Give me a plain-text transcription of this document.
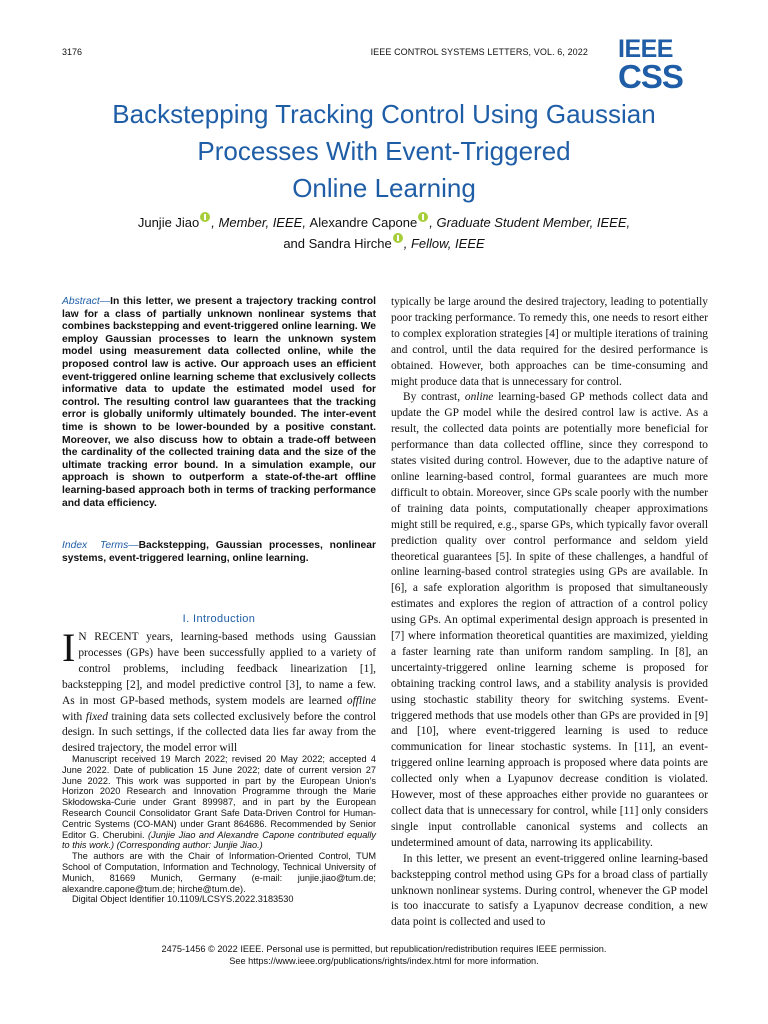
3176	IEEE CONTROL SYSTEMS LETTERS, VOL. 6, 2022 IEEE
CSS
Backstepping Tracking Control Using Gaussian
Processes With Event-Triggered
Online Learning
Junjie Jiao , Member, IEEE, Alexandre Capone , Graduate Student Member, IEEE,
and Sandra Hirche , Fellow, IEEE
Abstract—In this letter, we present a trajectory tracking control law for a class of partially unknown nonlinear systems that combines backstepping and event-triggered online learning. We employ Gaussian processes to learn the unknown system model using measurement data collected online, while the proposed control law is active. Our approach uses an efficient event-triggered online learning scheme that exclusively collects informative data to update the estimated model used for control. The resulting control law guarantees that the tracking error is globally uniformly ultimately bounded. The inter-event time is shown to be lower-bounded by a positive constant. Moreover, we also discuss how to obtain a trade-off between the cardinality of the collected training data and the size of the ultimate tracking error bound. In a simulation example, our approach is shown to outperform a state-of-the-art offline learning-based approach both in terms of tracking performance and data efficiency.
Index Terms—Backstepping, Gaussian processes, nonlinear systems, event-triggered learning, online learning.
I. Introduction

I N RECENT years, learning-based methods using Gaussian processes (GPs) have been successfully applied to a variety of control problems, including feedback linearization [1], backstepping [2], and model predictive control [3], to name a few. As in most GP-based methods, system models are learned offline with fixed training data sets collected exclusively before the control design. In such settings, if the collected data lies far away from the desired trajectory, the model error will

Manuscript received 19 March 2022; revised 20 May 2022; accepted 4 June 2022. Date of publication 15 June 2022; date of current version 27 June 2022. This work was supported in part by the European Union’s Horizon 2020 Research and Innovation Programme through the Marie Skłodowska-Curie under Grant 899987, and in part by the European Research Council Consolidator Grant Safe Data-Driven Control for Human-Centric Systems (CO-MAN) under Grant 864686. Recommended by Senior Editor G. Cherubini. (Junjie Jiao and Alexandre Capone contributed equally to this work.) (Corresponding author: Junjie Jiao.)

The authors are with the Chair of Information-Oriented Control, TUM School of Computation, Information and Technology, Technical University of Munich, 81669 Munich, Germany (e-mail: junjie.jiao@tum.de; alexandre.capone@tum.de; hirche@tum.de).

Digital Object Identifier 10.1109/LCSYS.2022.3183530

typically be large around the desired trajectory, leading to potentially poor tracking performance. To remedy this, one needs to resort either to complex exploration strategies [4] or multiple iterations of training and control, until the data required for the desired performance is obtained. However, both approaches can be time-consuming and might produce data that is unnecessary for control.

By contrast, online learning-based GP methods collect data and update the GP model while the desired control law is active. As a result, the collected data points are potentially more beneficial for performance than data collected offline, since they correspond to states visited during control. However, due to the adaptive nature of online learning-based control, formal guarantees are much more difficult to obtain. Moreover, since GPs scale poorly with the number of training data points, computationally cheaper approximations might still be required, e.g., sparse GPs, which typically favor overall prediction quality over control performance and seldom yield theoretical guarantees [5]. In spite of these challenges, a handful of online learning-based control strategies using GPs are available. In [6], a safe exploration algorithm is proposed that simultaneously estimates and explores the region of attraction of a control policy using GPs. An optimal experimental design approach is presented in [7] where information theoretical quantities are maximized, yielding a faster learning rate than uniform random sampling. In [8], an uncertainty-triggered online learning scheme is proposed for obtaining tracking control laws, and a stability analysis is provided using stochastic stability theory for switching systems. Event-triggered methods that use models other than GPs are provided in [9] and [10], where event-triggered learning is used to reduce communication for linear stochastic systems. In [11], an event-triggered online learning approach is proposed where data points are collected only when a Lyapunov decrease condition is violated. However, most of these approaches either provide no guarantees or collect data that is unnecessary for control, while [11] only considers single input controllable canonical systems and collects an undetermined amount of data, narrowing its applicability.

In this letter, we present an event-triggered online learning-based backstepping control method using GPs for a broad class of partially unknown nonlinear systems. During control, whenever the GP model is too inaccurate to satisfy a Lyapunov decrease condition, a new data point is collected and used to

2475-1456 © 2022 IEEE. Personal use is permitted, but republication/redistribution requires IEEE permission.
See https://www.ieee.org/publications/rights/index.html for more information.
